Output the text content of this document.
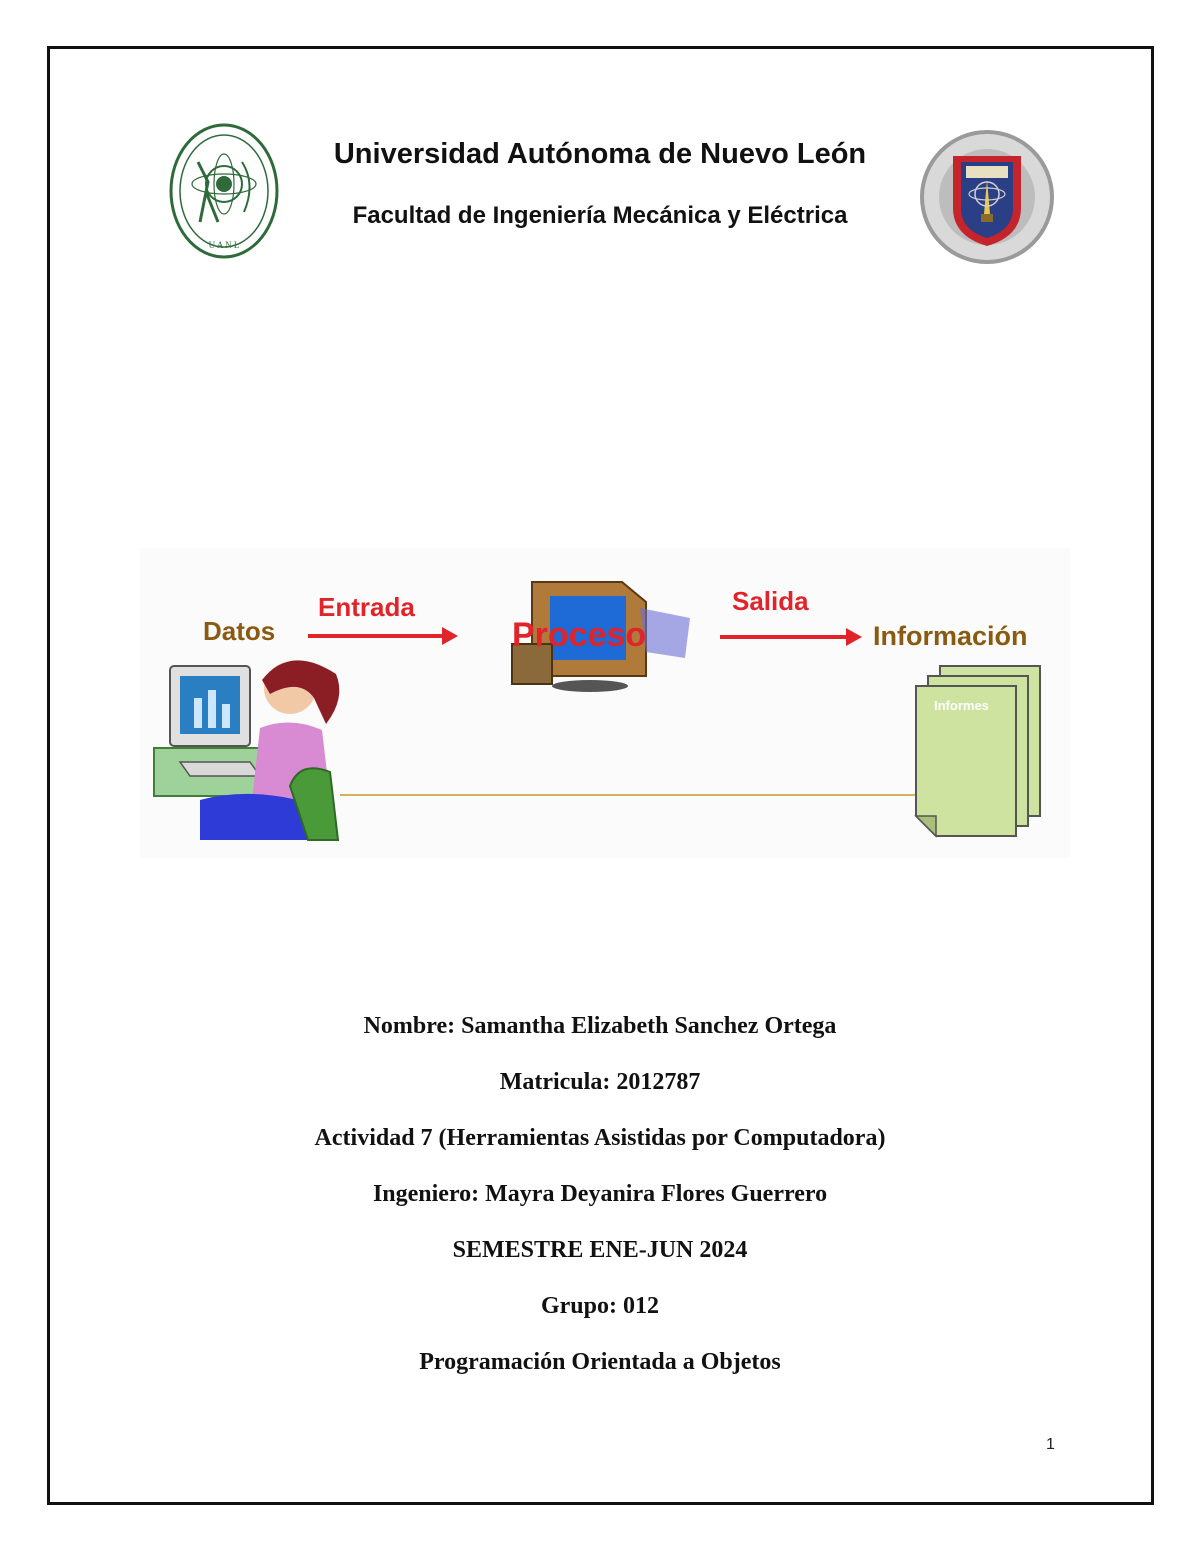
U A N L
Universidad Autónoma de Nuevo León
Facultad de Ingeniería Mecánica y Eléctrica
Datos
Entrada
Proceso
Salida
Información
Informes
Nombre: Samantha Elizabeth Sanchez Ortega
Matricula: 2012787
Actividad 7 (Herramientas Asistidas por Computadora)
Ingeniero: Mayra Deyanira Flores Guerrero
SEMESTRE ENE-JUN 2024
Grupo: 012
Programación Orientada a Objetos
1
